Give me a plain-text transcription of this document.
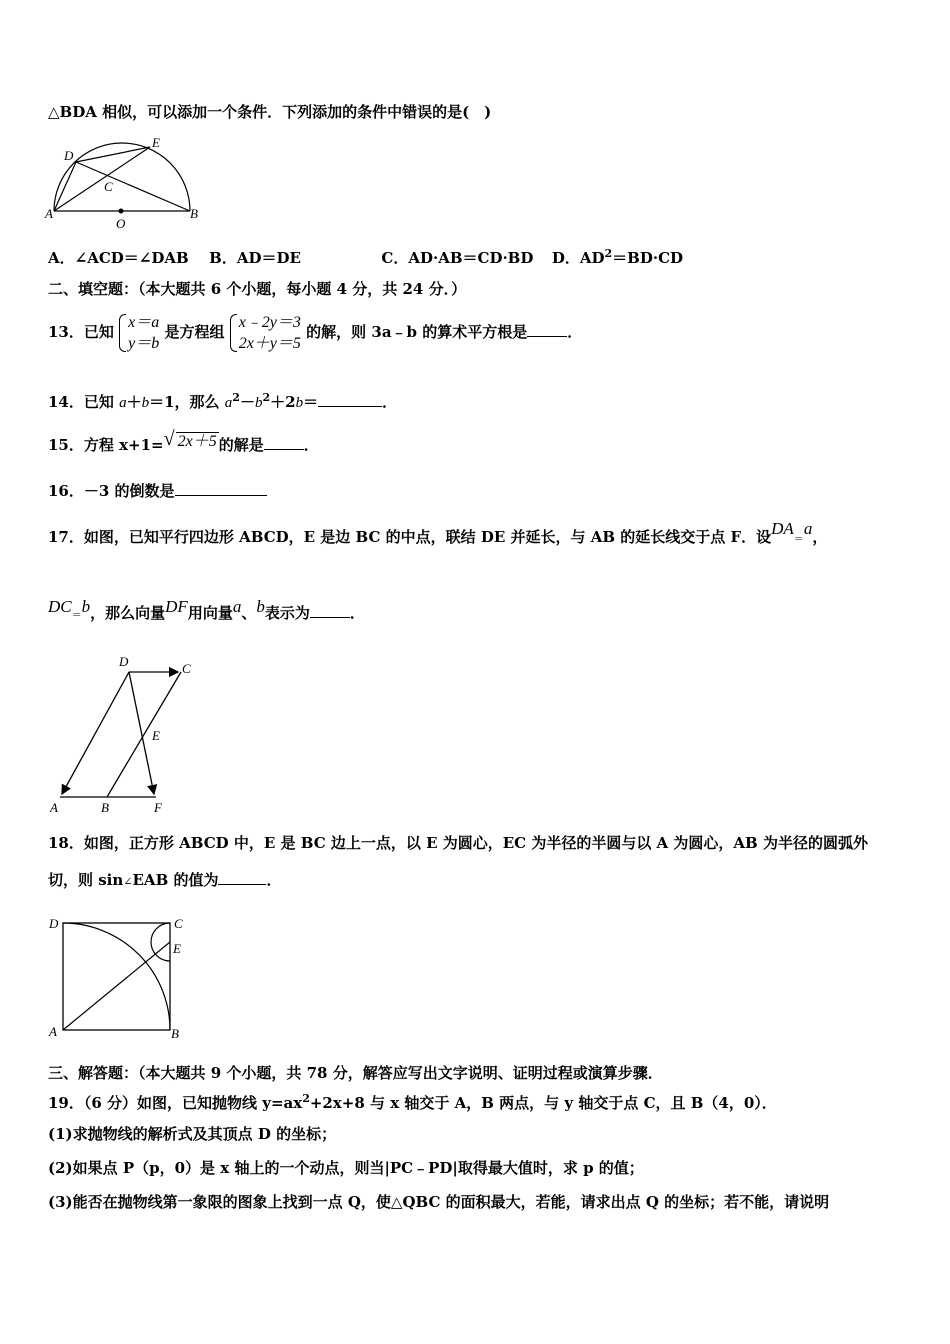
△BDA 相似，可以添加一个条件．下列添加的条件中错误的是(　)
D
E
C
A
O
B
A．∠ACD＝∠DAB B．AD＝DE	C．AD·AB＝CD·BD D．$AD^2=BD\cdot CD$
二、填空题：（本大题共 6 个小题，每小题 4 分，共 24 分．）
13．已知
x＝a
y＝b
是方程组
x﹣2y＝3
2x＋y＝5
的解，则 3a﹣b 的算术平方根是	．
14．已知 a＋b＝1，那么 $a^2-b^2+2b=$	．
15．方程 x+1= √ 2x＋5 的解是	．
16．－3 的倒数是
17．如图，已知平行四边形 ABCD，E 是边 BC 的中点，联结 DE 并延长，与 AB 的延长线交于点 F．设DA＝a，
DC＝b，那么向量DF用向量a、b表示为	．
D	C
E
A	B	F
18．如图，正方形 ABCD 中，E 是 BC 边上一点，以 E 为圆心，EC 为半径的半圆与以 A 为圆心，AB 为半径的圆弧外
切，则 sin∠EAB 的值为	．
D	C
E
A	B
三、解答题：（本大题共 9 个小题，共 78 分，解答应写出文字说明、证明过程或演算步骤．
19．（6 分）如图，已知抛物线 $y=ax^2+2x+8$ 与 x 轴交于 A，B 两点，与 y 轴交于点 C，且 B（4，0）．
(1)求抛物线的解析式及其顶点 D 的坐标；
(2)如果点 P（p，0）是 x 轴上的一个动点，则当|PC﹣PD|取得最大值时，求 p 的值；
(3)能否在抛物线第一象限的图象上找到一点 Q，使△QBC 的面积最大，若能，请求出点 Q 的坐标；若不能，请说明
